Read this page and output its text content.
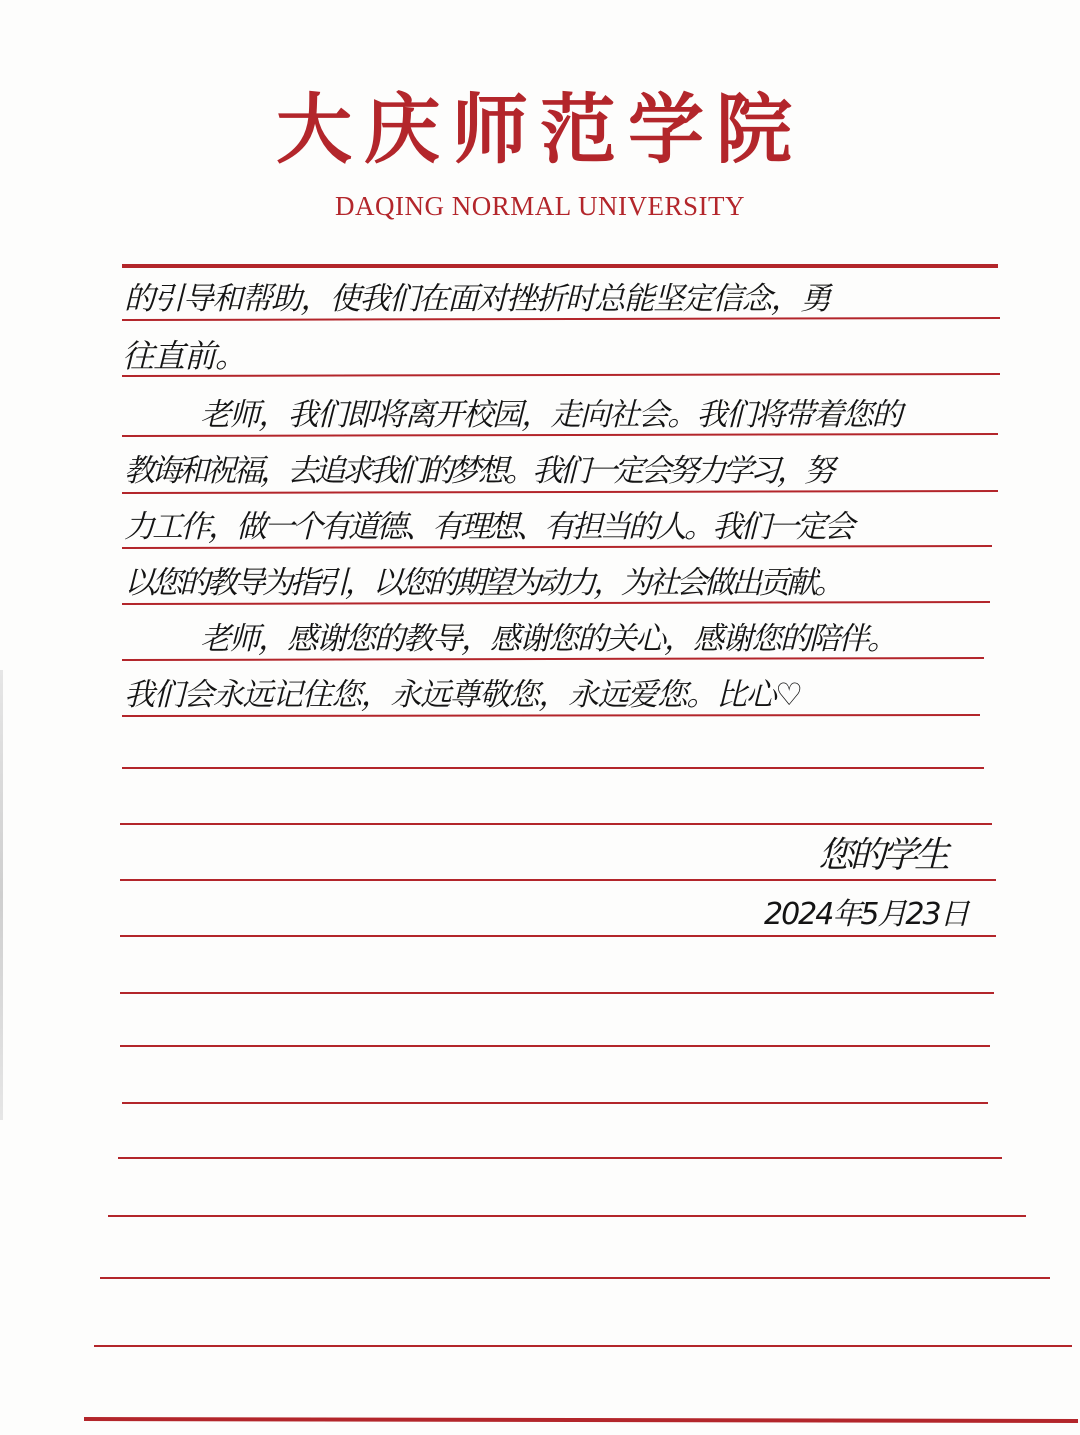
大庆师范学院
DAQING NORMAL UNIVERSITY
的引导和帮助，使我们在面对挫折时总能坚定信念，勇
往直前。
老师，我们即将离开校园，走向社会。我们将带着您的
教诲和祝福，去追求我们的梦想。我们一定会努力学习，努
力工作，做一个有道德、有理想、有担当的人。我们一定会
以您的教导为指引，以您的期望为动力，为社会做出贡献。
老师，感谢您的教导，感谢您的关心，感谢您的陪伴。
我们会永远记住您，永远尊敬您，永远爱您。比心♡
您的学生
2024年5月23日
